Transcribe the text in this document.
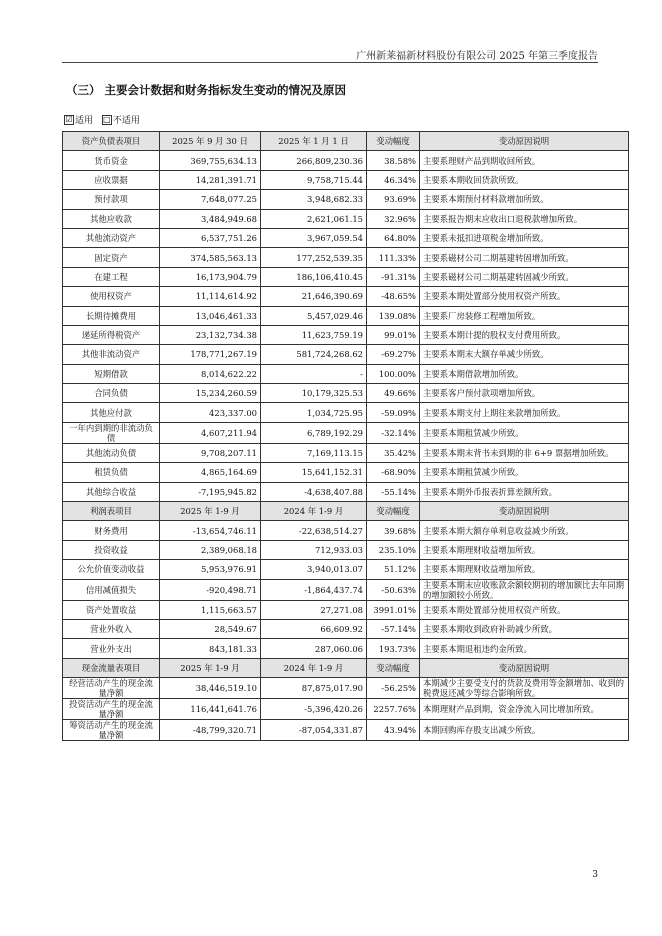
广州新莱福新材料股份有限公司 2025 年第三季度报告
（三） 主要会计数据和财务指标发生变动的情况及原因
☑ 适用
□ 不适用
资产负债表项目	2025 年 9 月 30 日	2025 年 1 月 1 日	变动幅度	变动原因说明
货币资金	369,755,634.13	266,809,230.36	38.58%	主要系理财产品到期收回所致。
应收票据	14,281,391.71	9,758,715.44	46.34%	主要系本期收回货款所致。
预付款项	7,648,077.25	3,948,682.33	93.69%	主要系本期预付材料款增加所致。
其他应收款	3,484,949.68	2,621,061.15	32.96%	主要系报告期末应收出口退税款增加所致。
其他流动资产	6,537,751.26	3,967,059.54	64.80%	主要系未抵扣进项税金增加所致。
固定资产	374,585,563.13	177,252,539.35	111.33%	主要系磁材公司二期基建转固增加所致。
在建工程	16,173,904.79	186,106,410.45	-91.31%	主要系磁材公司二期基建转固减少所致。
使用权资产	11,114,614.92	21,646,390.69	-48.65%	主要系本期处置部分使用权资产所致。
长期待摊费用	13,046,461.33	5,457,029.46	139.08%	主要系厂房装修工程增加所致。
递延所得税资产	23,132,734.38	11,623,759.19	99.01%	主要系本期计提的股权支付费用所致。
其他非流动资产	178,771,267.19	581,724,268.62	-69.27%	主要系本期末大额存单减少所致。
短期借款	8,014,622.22	-	100.00%	主要系本期借款增加所致。
合同负债	15,234,260.59	10,179,325.53	49.66%	主要系客户预付款项增加所致。
其他应付款	423,337.00	1,034,725.95	-59.09%	主要系本期支付上期往来款增加所致。
一年内到期的非流动负债	4,607,211.94	6,789,192.29	-32.14%	主要系本期租赁减少所致。
其他流动负债	9,708,207.11	7,169,113.15	35.42%	主要系本期末背书未到期的非 6+9 票据增加所致。
租赁负债	4,865,164.69	15,641,152.31	-68.90%	主要系本期租赁减少所致。
其他综合收益	-7,195,945.82	-4,638,407.88	-55.14%	主要系本期外币报表折算差额所致。
利润表项目	2025 年 1-9 月	2024 年 1-9 月	变动幅度	变动原因说明
财务费用	-13,654,746.11	-22,638,514.27	39.68%	主要系本期大额存单利息收益减少所致。
投资收益	2,389,068.18	712,933.03	235.10%	主要系本期理财收益增加所致。
公允价值变动收益	5,953,976.91	3,940,013.07	51.12%	主要系本期理财收益增加所致。
信用减值损失	-920,498.71	-1,864,437.74	-50.63%	主要系本期末应收账款余额较期初的增加额比去年同期的增加额较小所致。
资产处置收益	1,115,663.57	27,271.08	3991.01%	主要系本期处置部分使用权资产所致。
营业外收入	28,549.67	66,609.92	-57.14%	主要系本期收到政府补助减少所致。
营业外支出	843,181.33	287,060.06	193.73%	主要系本期退租违约金所致。
现金流量表项目	2025 年 1-9 月	2024 年 1-9 月	变动幅度	变动原因说明
经营活动产生的现金流量净额	38,446,519.10	87,875,017.90	-56.25%	本期减少主要受支付的货款及费用等金额增加、收到的税费返还减少等综合影响所致。
投资活动产生的现金流量净额	116,441,641.76	-5,396,420.26	2257.76%	本期理财产品到期，资金净流入同比增加所致。
筹资活动产生的现金流量净额	-48,799,320.71	-87,054,331.87	43.94%	本期回购库存股支出减少所致。
3
